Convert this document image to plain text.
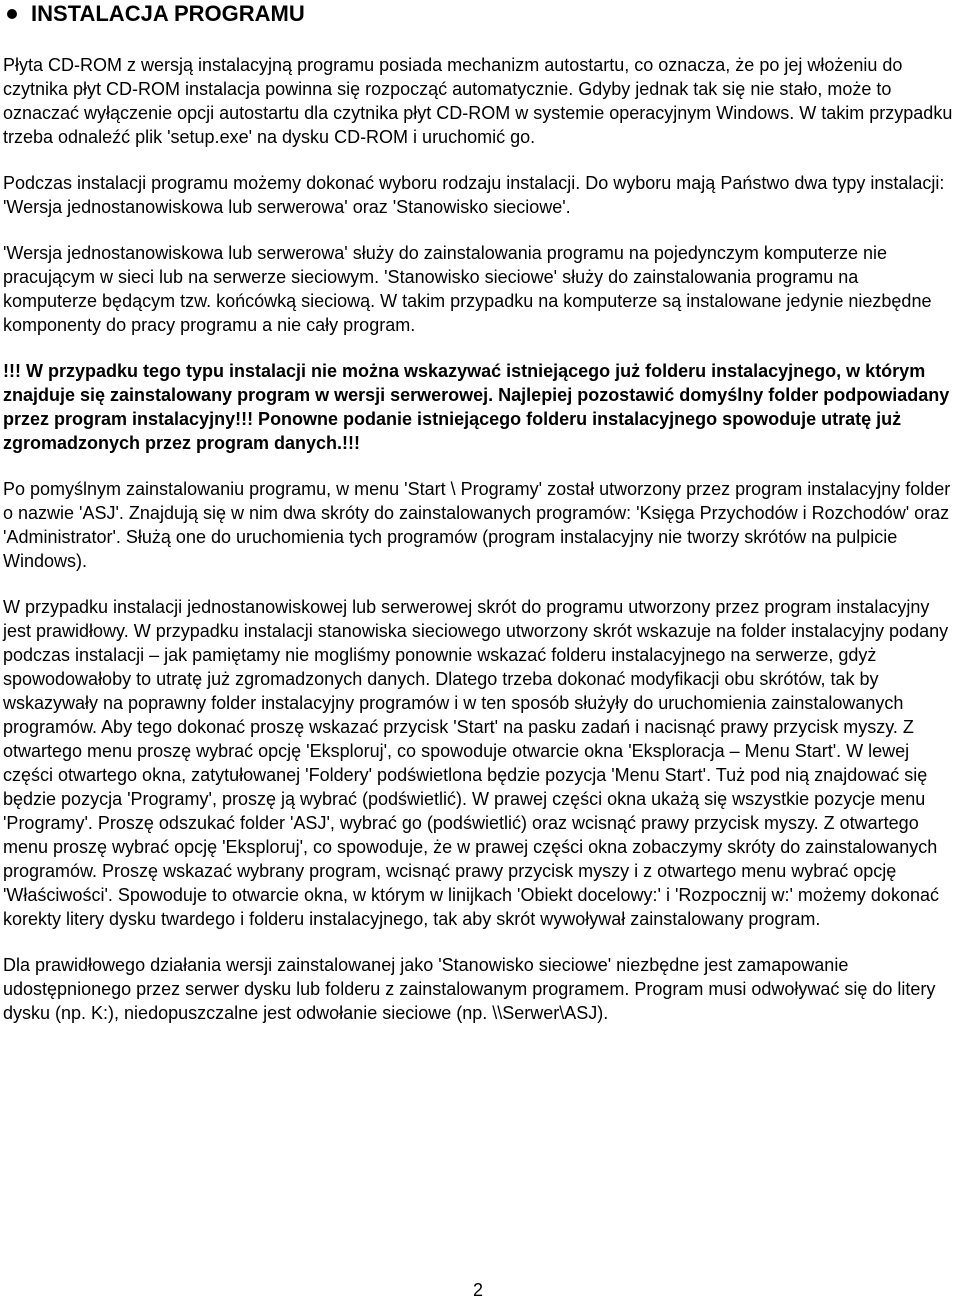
INSTALACJA PROGRAMU

Płyta CD-ROM z wersją instalacyjną programu posiada mechanizm autostartu, co oznacza, że po jej włożeniu do czytnika płyt CD-ROM instalacja powinna się rozpocząć automatycznie. Gdyby jednak tak się nie stało, może to oznaczać wyłączenie opcji autostartu dla czytnika płyt CD-ROM w systemie operacyjnym Windows. W takim przypadku trzeba odnaleźć plik 'setup.exe' na dysku CD-ROM i uruchomić go.

Podczas instalacji programu możemy dokonać wyboru rodzaju instalacji. Do wyboru mają Państwo dwa typy instalacji: 'Wersja jednostanowiskowa lub serwerowa' oraz 'Stanowisko sieciowe'.

'Wersja jednostanowiskowa lub serwerowa' służy do zainstalowania programu na pojedynczym komputerze nie pracującym w sieci lub na serwerze sieciowym. 'Stanowisko sieciowe' służy do zainstalowania programu na komputerze będącym tzw. końcówką sieciową. W takim przypadku na komputerze są instalowane jedynie niezbędne komponenty do pracy programu a nie cały program.

!!! W przypadku tego typu instalacji nie można wskazywać istniejącego już folderu instalacyjnego, w którym znajduje się zainstalowany program w wersji serwerowej. Najlepiej pozostawić domyślny folder podpowiadany przez program instalacyjny!!! Ponowne podanie istniejącego folderu instalacyjnego spowoduje utratę już zgromadzonych przez program danych.!!!

Po pomyślnym zainstalowaniu programu, w menu 'Start \ Programy' został utworzony przez program instalacyjny folder o nazwie 'ASJ'. Znajdują się w nim dwa skróty do zainstalowanych programów: 'Księga Przychodów i Rozchodów' oraz 'Administrator'. Służą one do uruchomienia tych programów (program instalacyjny nie tworzy skrótów na pulpicie Windows).

W przypadku instalacji jednostanowiskowej lub serwerowej skrót do programu utworzony przez program instalacyjny jest prawidłowy. W przypadku instalacji stanowiska sieciowego utworzony skrót wskazuje na folder instalacyjny podany podczas instalacji – jak pamiętamy nie mogliśmy ponownie wskazać folderu instalacyjnego na serwerze, gdyż spowodowałoby to utratę już zgromadzonych danych. Dlatego trzeba dokonać modyfikacji obu skrótów, tak by wskazywały na poprawny folder instalacyjny programów i w ten sposób służyły do uruchomienia zainstalowanych programów. Aby tego dokonać proszę wskazać przycisk 'Start' na pasku zadań i nacisnąć prawy przycisk myszy. Z otwartego menu proszę wybrać opcję 'Eksploruj', co spowoduje otwarcie okna 'Eksploracja – Menu Start'. W lewej części otwartego okna, zatytułowanej 'Foldery' podświetlona będzie pozycja 'Menu Start'. Tuż pod nią znajdować się będzie pozycja 'Programy', proszę ją wybrać (podświetlić). W prawej części okna ukażą się wszystkie pozycje menu 'Programy'. Proszę odszukać folder 'ASJ', wybrać go (podświetlić) oraz wcisnąć prawy przycisk myszy. Z otwartego menu proszę wybrać opcję 'Eksploruj', co spowoduje, że w prawej części okna zobaczymy skróty do zainstalowanych programów. Proszę wskazać wybrany program, wcisnąć prawy przycisk myszy i z otwartego menu wybrać opcję 'Właściwości'. Spowoduje to otwarcie okna, w którym w linijkach 'Obiekt docelowy:' i 'Rozpocznij w:' możemy dokonać korekty litery dysku twardego i folderu instalacyjnego, tak aby skrót wywoływał zainstalowany program.

Dla prawidłowego działania wersji zainstalowanej jako 'Stanowisko sieciowe' niezbędne jest zamapowanie udostępnionego przez serwer dysku lub folderu z zainstalowanym programem. Program musi odwoływać się do litery dysku (np. K:), niedopuszczalne jest odwołanie sieciowe (np. \\Serwer\ASJ).

2
